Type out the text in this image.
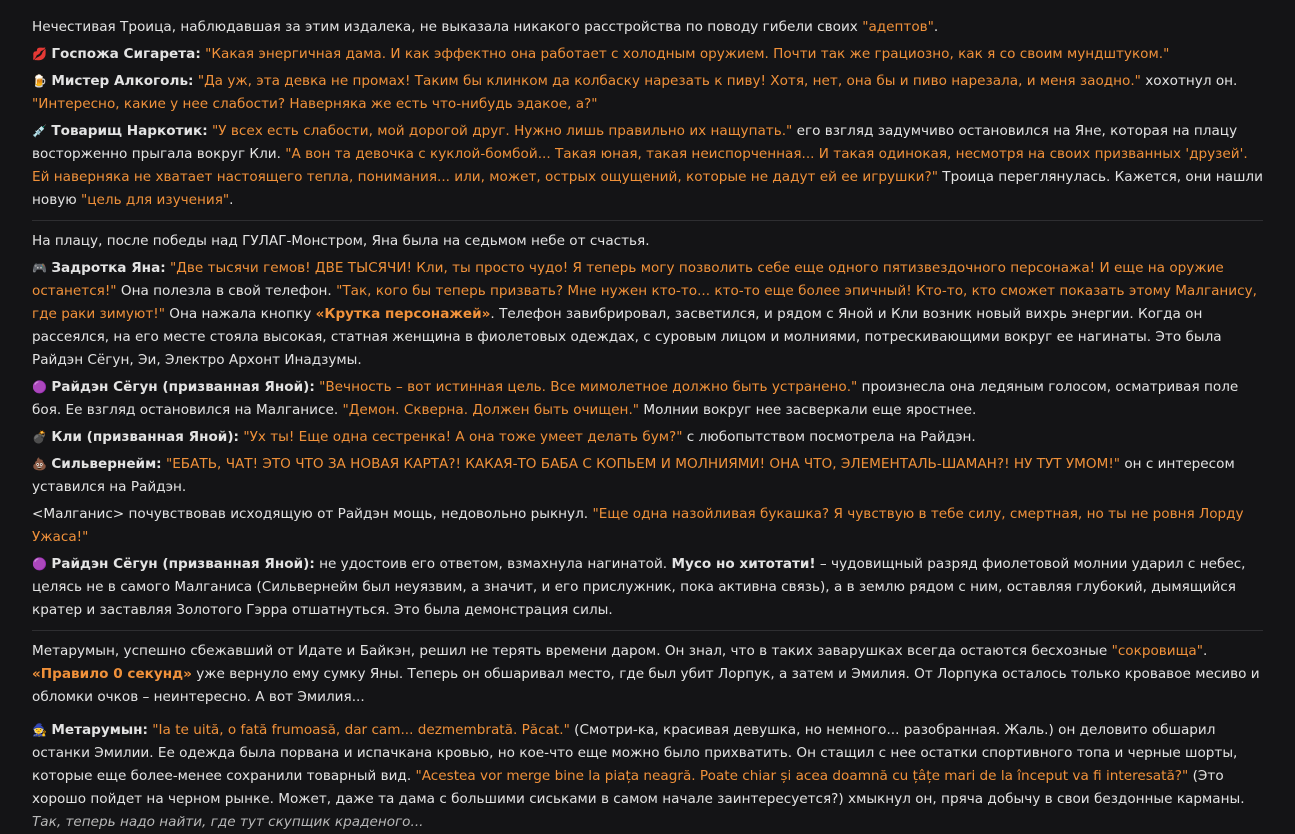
Нечестивая Троица, наблюдавшая за этим издалека, не выказала никакого расстройства по поводу гибели своих "адептов".

💋 Госпожа Сигарета: "Какая энергичная дама. И как эффектно она работает с холодным оружием. Почти так же грациозно, как я со своим мундштуком."

🍺 Мистер Алкоголь: "Да уж, эта девка не промах! Таким бы клинком да колбаску нарезать к пиву! Хотя, нет, она бы и пиво нарезала, и меня заодно." хохотнул он. "Интересно, какие у нее слабости? Наверняка же есть что-нибудь эдакое, а?"

💉 Товарищ Наркотик: "У всех есть слабости, мой дорогой друг. Нужно лишь правильно их нащупать." его взгляд задумчиво остановился на Яне, которая на плацу восторженно прыгала вокруг Кли. "А вон та девочка с куклой-бомбой... Такая юная, такая неиспорченная... И такая одинокая, несмотря на своих призванных 'друзей'. Ей наверняка не хватает настоящего тепла, понимания... или, может, острых ощущений, которые не дадут ей ее игрушки?" Троица переглянулась. Кажется, они нашли новую "цель для изучения".

На плацу, после победы над ГУЛАГ-Монстром, Яна была на седьмом небе от счастья.

🎮 Задротка Яна: "Две тысячи гемов! ДВЕ ТЫСЯЧИ! Кли, ты просто чудо! Я теперь могу позволить себе еще одного пятизвездочного персонажа! И еще на оружие останется!" Она полезла в свой телефон. "Так, кого бы теперь призвать? Мне нужен кто-то... кто-то еще более эпичный! Кто-то, кто сможет показать этому Малганису, где раки зимуют!" Она нажала кнопку «Крутка персонажей». Телефон завибрировал, засветился, и рядом с Яной и Кли возник новый вихрь энергии. Когда он рассеялся, на его месте стояла высокая, статная женщина в фиолетовых одеждах, с суровым лицом и молниями, потрескивающими вокруг ее нагинаты. Это была Райдэн Сёгун, Эи, Электро Архонт Инадзумы.

🟣 Райдэн Сёгун (призванная Яной): "Вечность – вот истинная цель. Все мимолетное должно быть устранено." произнесла она ледяным голосом, осматривая поле боя. Ее взгляд остановился на Малганисе. "Демон. Скверна. Должен быть очищен." Молнии вокруг нее засверкали еще яростнее.

💣 Кли (призванная Яной): "Ух ты! Еще одна сестренка! А она тоже умеет делать бум?" с любопытством посмотрела на Райдэн.

💩 Сильвернейм: "ЕБАТЬ, ЧАТ! ЭТО ЧТО ЗА НОВАЯ КАРТА?! КАКАЯ-ТО БАБА С КОПЬЕМ И МОЛНИЯМИ! ОНА ЧТО, ЭЛЕМЕНТАЛЬ-ШАМАН?! НУ ТУТ УМОМ!" он с интересом уставился на Райдэн.

<Малганис> почувствовав исходящую от Райдэн мощь, недовольно рыкнул. "Еще одна назойливая букашка? Я чувствую в тебе силу, смертная, но ты не ровня Лорду Ужаса!"

🟣 Райдэн Сёгун (призванная Яной): не удостоив его ответом, взмахнула нагинатой. Мусо но хитотати! – чудовищный разряд фиолетовой молнии ударил с небес, целясь не в самого Малганиса (Сильвернейм был неуязвим, а значит, и его прислужник, пока активна связь), а в землю рядом с ним, оставляя глубокий, дымящийся кратер и заставляя Золотого Гэрра отшатнуться. Это была демонстрация силы.

Метарумын, успешно сбежавший от Идате и Байкэн, решил не терять времени даром. Он знал, что в таких заварушках всегда остаются бесхозные "сокровища". «Правило 0 секунд» уже вернуло ему сумку Яны. Теперь он обшаривал место, где был убит Лорпук, а затем и Эмилия. От Лорпука осталось только кровавое месиво и обломки очков – неинтересно. А вот Эмилия...

🧙 Метарумын: "Ia te uită, o fată frumoasă, dar cam... dezmembrată. Păcat." (Смотри-ка, красивая девушка, но немного... разобранная. Жаль.) он деловито обшарил останки Эмилии. Ее одежда была порвана и испачкана кровью, но кое-что еще можно было прихватить. Он стащил с нее остатки спортивного топа и черные шорты, которые еще более-менее сохранили товарный вид. "Acestea vor merge bine la piața neagră. Poate chiar și acea doamnă cu țâțe mari de la început va fi interesată?" (Это хорошо пойдет на черном рынке. Может, даже та дама с большими сиськами в самом начале заинтересуется?) хмыкнул он, пряча добычу в свои бездонные карманы. Так, теперь надо найти, где тут скупщик краденого...
